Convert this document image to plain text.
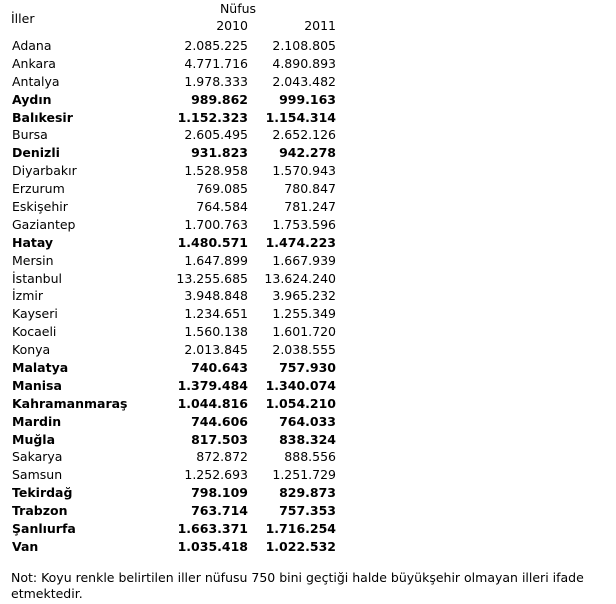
Nüfus
İller	2010	2011
Adana	2.085.225	2.108.805
Ankara	4.771.716	4.890.893
Antalya	1.978.333	2.043.482
Aydın	989.862	999.163
Balıkesir	1.152.323	1.154.314
Bursa	2.605.495	2.652.126
Denizli	931.823	942.278
Diyarbakır	1.528.958	1.570.943
Erzurum	769.085	780.847
Eskişehir	764.584	781.247
Gaziantep	1.700.763	1.753.596
Hatay	1.480.571	1.474.223
Mersin	1.647.899	1.667.939
İstanbul	13.255.685	13.624.240
İzmir	3.948.848	3.965.232
Kayseri	1.234.651	1.255.349
Kocaeli	1.560.138	1.601.720
Konya	2.013.845	2.038.555
Malatya	740.643	757.930
Manisa	1.379.484	1.340.074
Kahramanmaraş	1.044.816	1.054.210
Mardin	744.606	764.033
Muğla	817.503	838.324
Sakarya	872.872	888.556
Samsun	1.252.693	1.251.729
Tekirdağ	798.109	829.873
Trabzon	763.714	757.353
Şanlıurfa	1.663.371	1.716.254
Van	1.035.418	1.022.532
Not: Koyu renkle belirtilen iller nüfusu 750 bini geçtiği halde büyükşehir olmayan illeri ifade etmektedir.
